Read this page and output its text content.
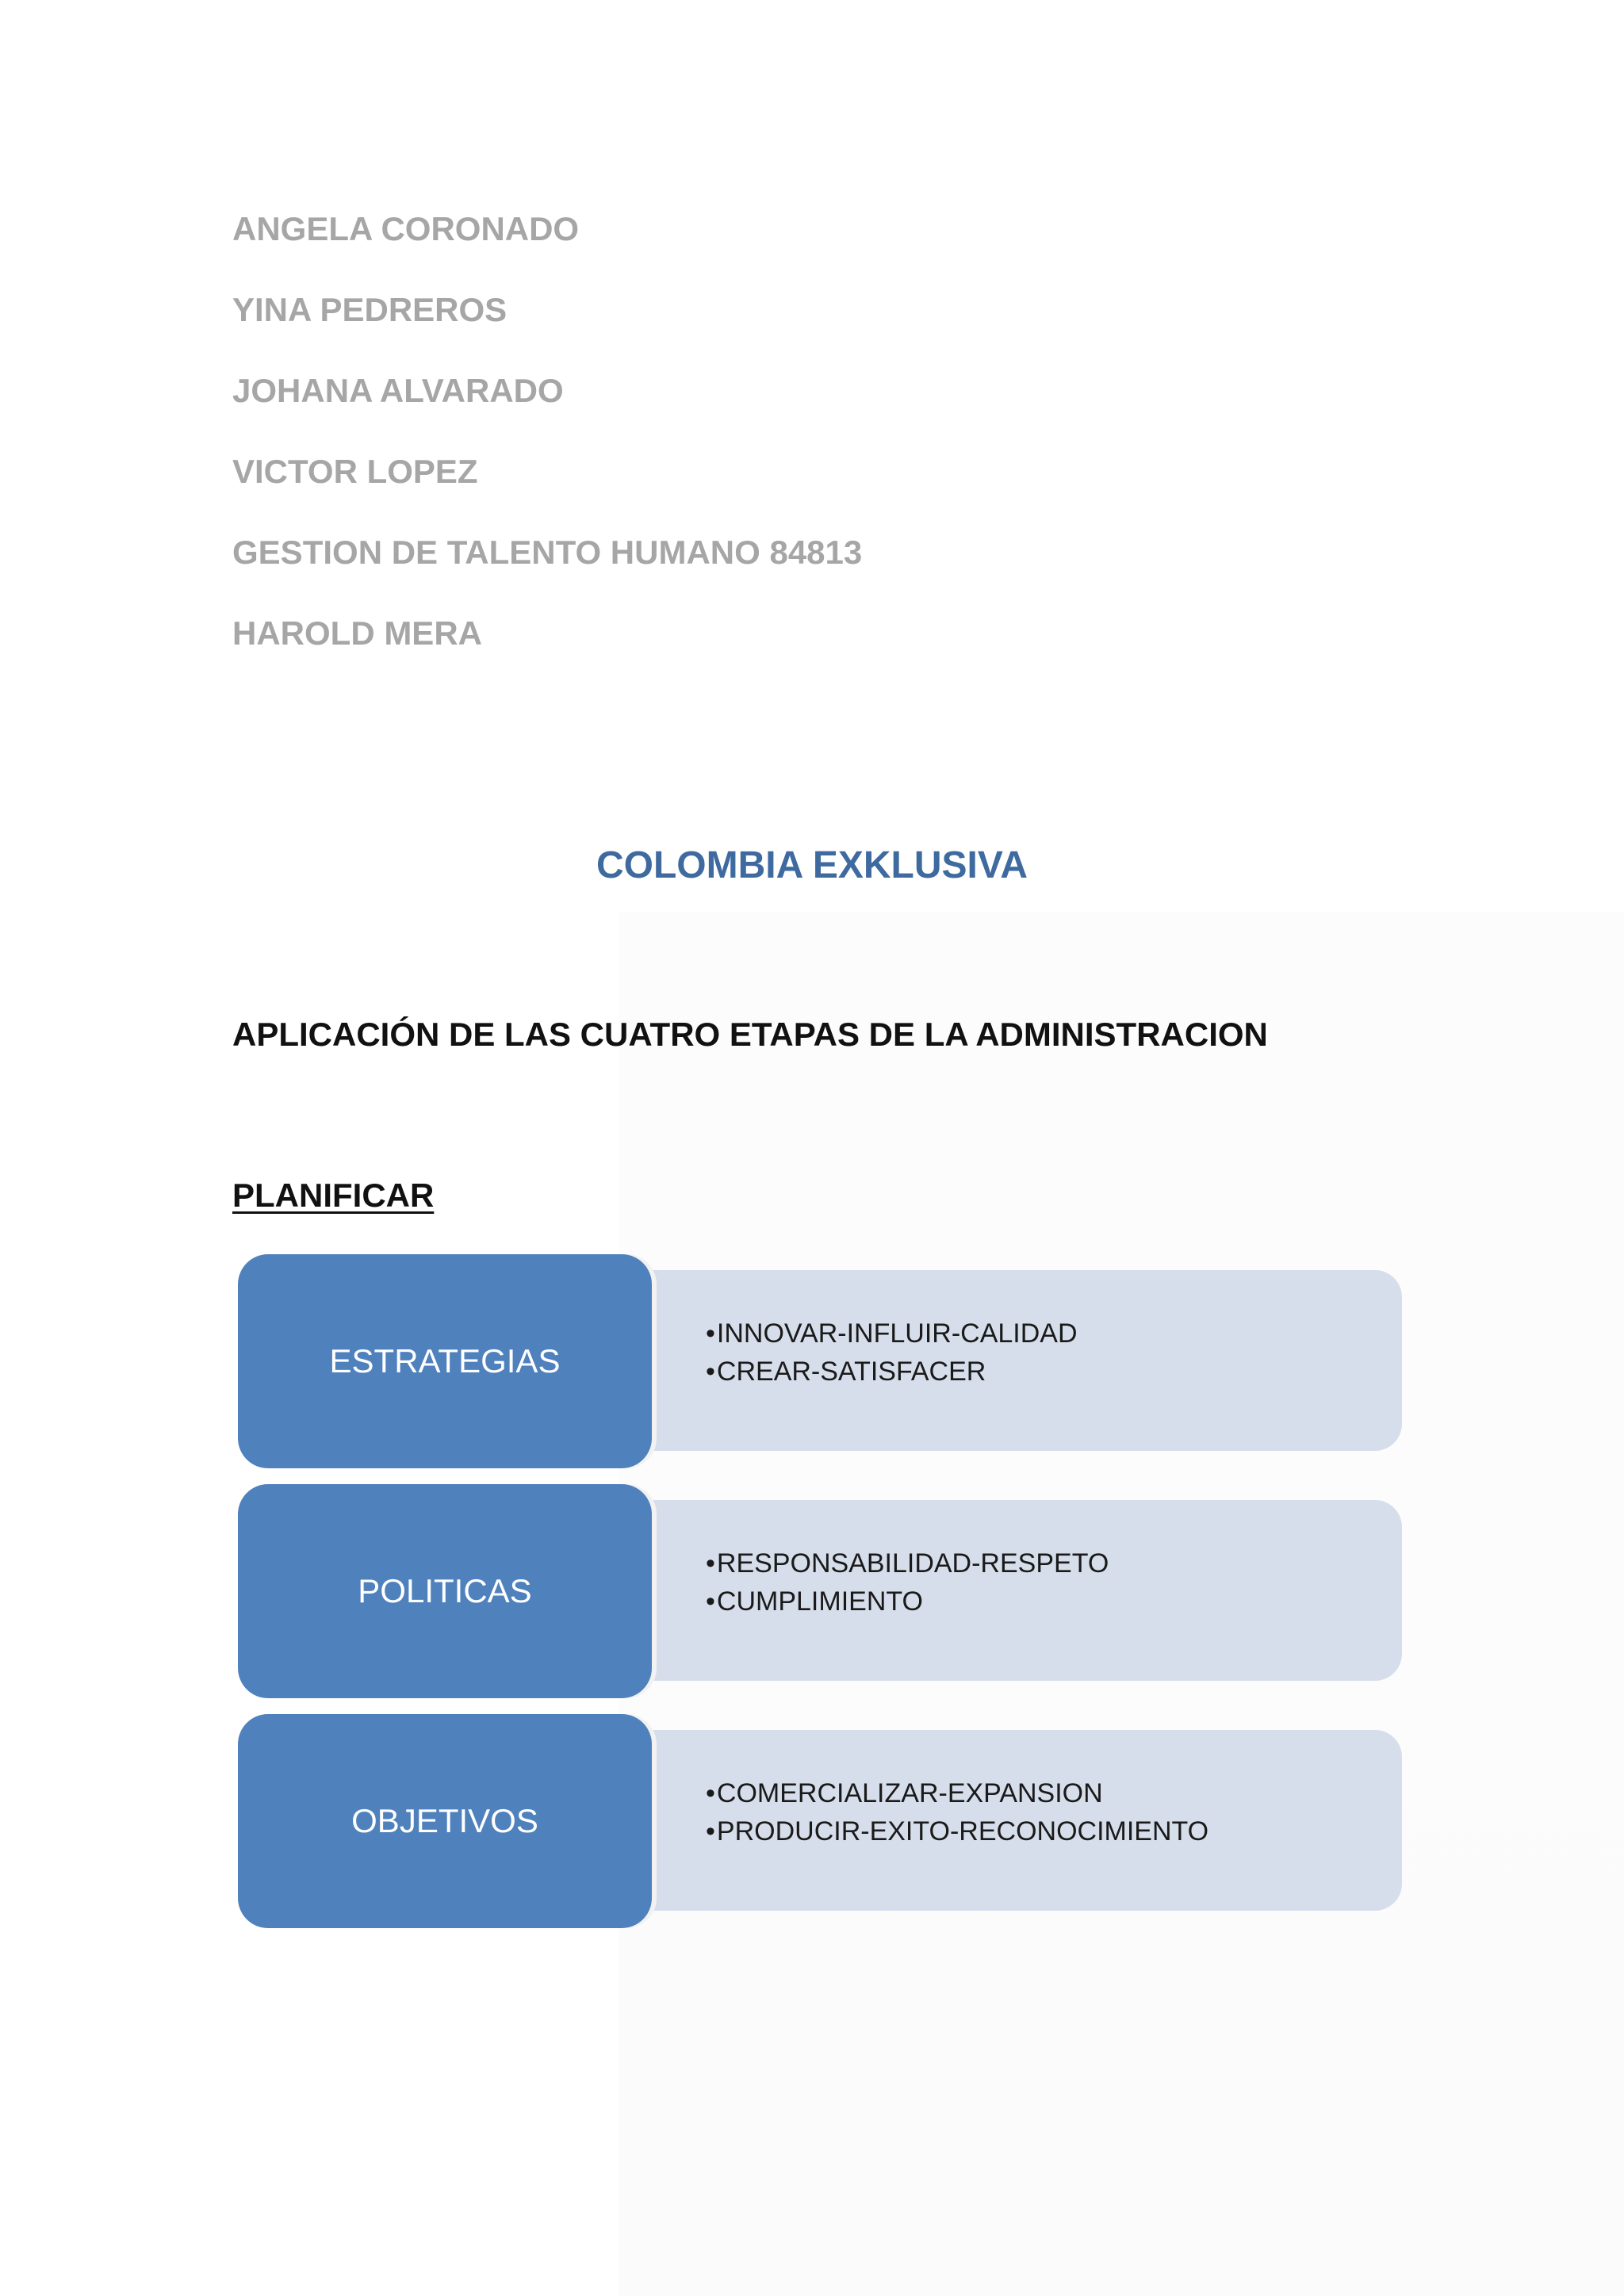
ANGELA CORONADO
YINA PEDREROS
JOHANA ALVARADO
VICTOR LOPEZ
GESTION DE TALENTO HUMANO 84813
HAROLD MERA
COLOMBIA EXKLUSIVA
APLICACIÓN DE LAS CUATRO ETAPAS DE LA ADMINISTRACION
PLANIFICAR
• INNOVAR-INFLUIR-CALIDAD
• CREAR-SATISFACER
ESTRATEGIAS
• RESPONSABILIDAD-RESPETO
• CUMPLIMIENTO
POLITICAS
• COMERCIALIZAR-EXPANSION
• PRODUCIR-EXITO-RECONOCIMIENTO
OBJETIVOS
